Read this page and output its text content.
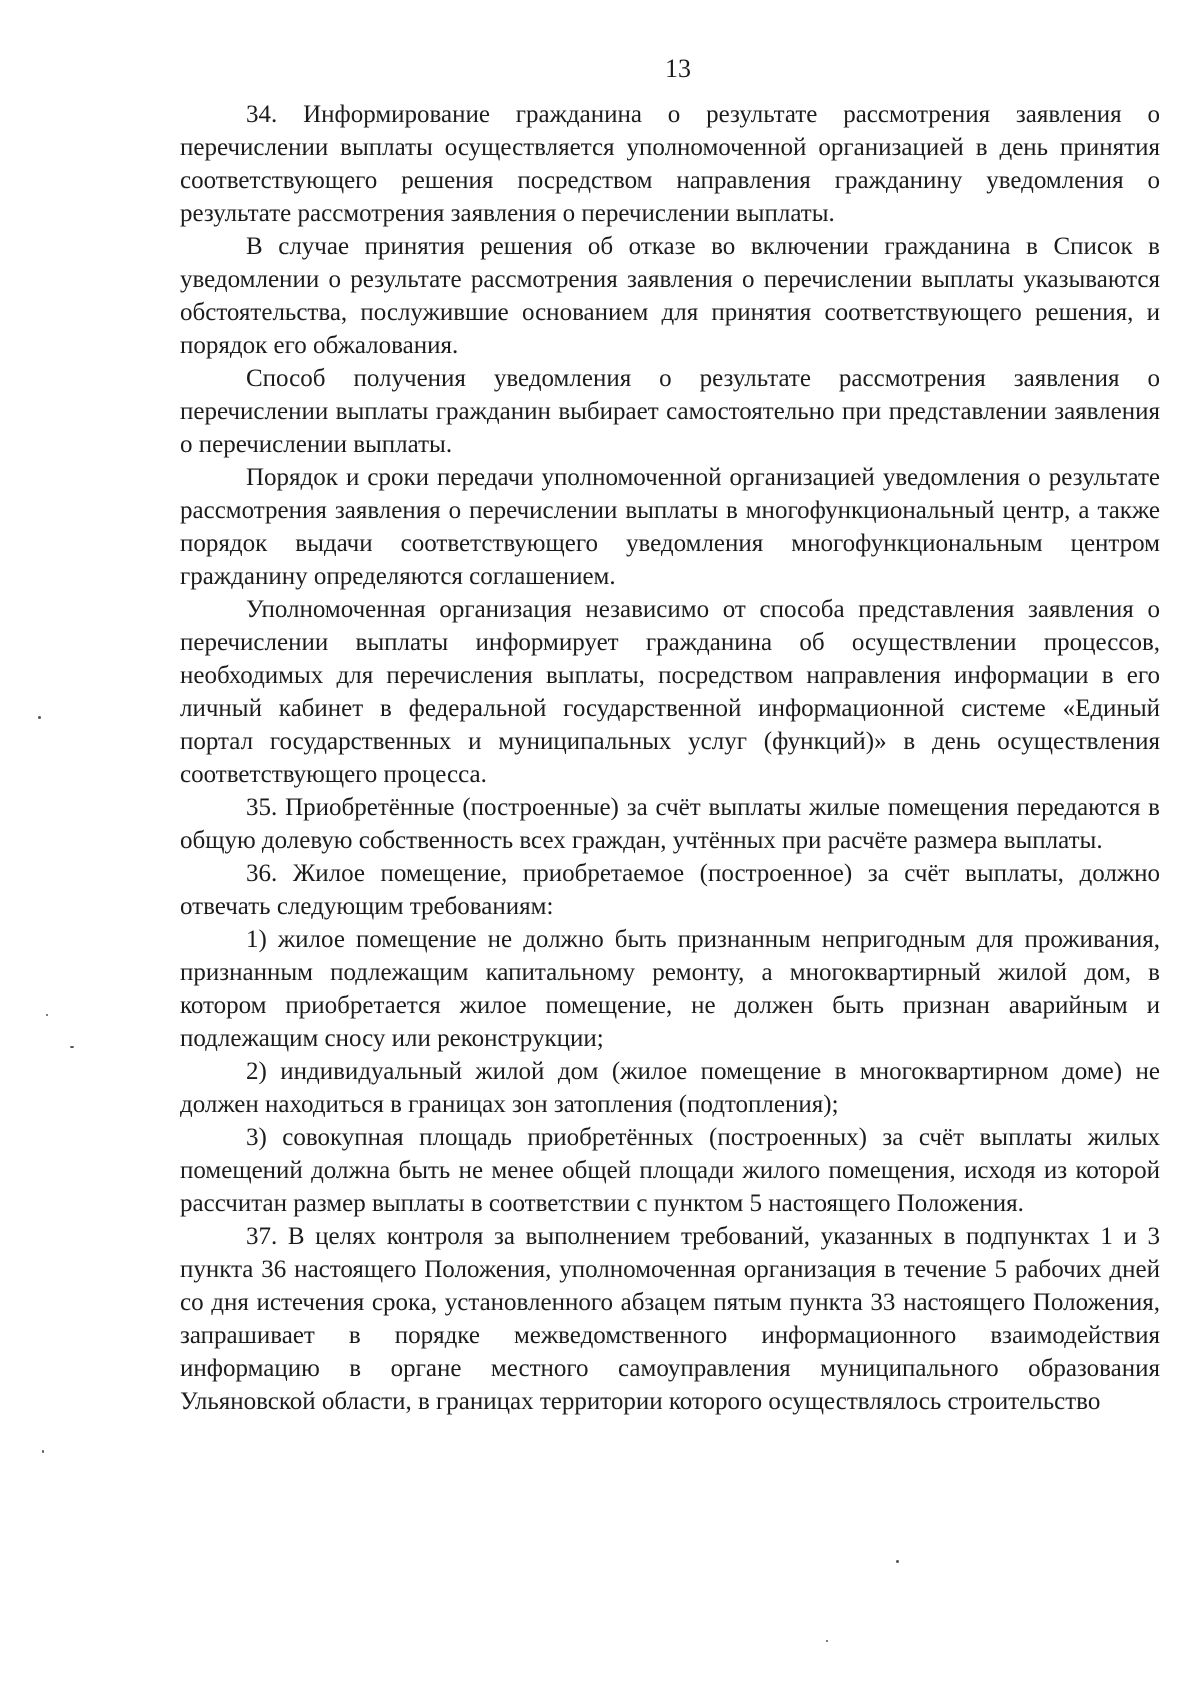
13

34. Информирование гражданина о результате рассмотрения заявления о перечислении выплаты осуществляется уполномоченной организацией в день принятия соответствующего решения посредством направления гражданину уведомления о результате рассмотрения заявления о перечислении выплаты.

В случае принятия решения об отказе во включении гражданина в Список в уведомлении о результате рассмотрения заявления о перечислении выплаты указываются обстоятельства, послужившие основанием для принятия соответствующего решения, и порядок его обжалования.

Способ получения уведомления о результате рассмотрения заявления о перечислении выплаты гражданин выбирает самостоятельно при представлении заявления о перечислении выплаты.

Порядок и сроки передачи уполномоченной организацией уведомления о результате рассмотрения заявления о перечислении выплаты в многофункциональный центр, а также порядок выдачи соответствующего уведомления многофункциональным центром гражданину определяются соглашением.

Уполномоченная организация независимо от способа представления заявления о перечислении выплаты информирует гражданина об осуществлении процессов, необходимых для перечисления выплаты, посредством направления информации в его личный кабинет в федеральной государственной информационной системе «Единый портал государственных и муниципальных услуг (функций)» в день осуществления соответствующего процесса.

35. Приобретённые (построенные) за счёт выплаты жилые помещения передаются в общую долевую собственность всех граждан, учтённых при расчёте размера выплаты.

36. Жилое помещение, приобретаемое (построенное) за счёт выплаты, должно отвечать следующим требованиям:

1) жилое помещение не должно быть признанным непригодным для проживания, признанным подлежащим капитальному ремонту, а многоквартирный жилой дом, в котором приобретается жилое помещение, не должен быть признан аварийным и подлежащим сносу или реконструкции;

2) индивидуальный жилой дом (жилое помещение в многоквартирном доме) не должен находиться в границах зон затопления (подтопления);

3) совокупная площадь приобретённых (построенных) за счёт выплаты жилых помещений должна быть не менее общей площади жилого помещения, исходя из которой рассчитан размер выплаты в соответствии с пунктом 5 настоящего Положения.

37. В целях контроля за выполнением требований, указанных в подпунктах 1 и 3 пункта 36 настоящего Положения, уполномоченная организация в течение 5 рабочих дней со дня истечения срока, установленного абзацем пятым пункта 33 настоящего Положения, запрашивает в порядке межведомственного информационного взаимодействия информацию в органе местного самоуправления муниципального образования Ульяновской области, в границах территории которого осуществлялось строительство
